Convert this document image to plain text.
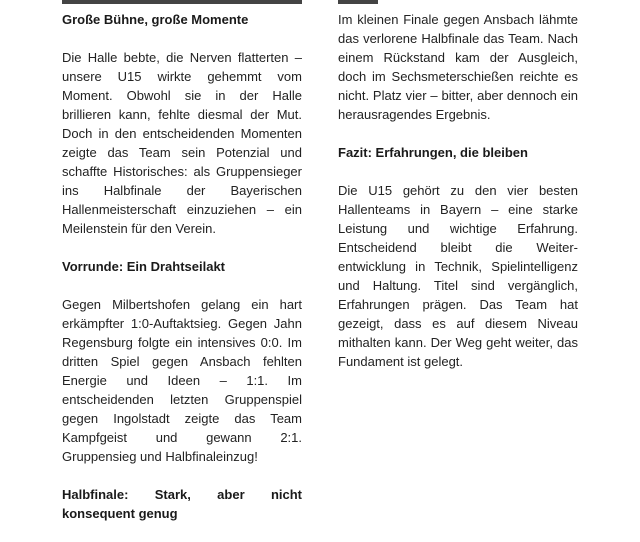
Große Bühne, große Momente

Die Halle bebte, die Nerven flatterten – unsere U15 wirkte gehemmt vom Moment. Obwohl sie in der Halle brillieren kann, fehlte diesmal der Mut. Doch in den entscheidenden Momenten zeigte das Team sein Potenzial und schaffte Historisches: als Gruppensieger ins Halbfinale der Bayerischen Hallenmeisterschaft einzuziehen – ein Meilenstein für den Verein.

Vorrunde: Ein Drahtseilakt

Gegen Milbertshofen gelang ein hart erkämpfter 1:0-Auftaktsieg. Gegen Jahn Regensburg folgte ein intensives 0:0. Im dritten Spiel gegen Ansbach fehlten Energie und Ideen – 1:1. Im entscheidenden letzten Gruppenspiel gegen Ingolstadt zeigte das Team Kampfgeist und gewann 2:1. Gruppensieg und Halbfinaleinzug!

Halbfinale: Stark, aber nicht konsequent genug

Im kleinen Finale gegen Ansbach lähmte das verlorene Halbfinale das Team. Nach einem Rückstand kam der Ausgleich, doch im Sechsmeterschießen reichte es nicht. Platz vier – bitter, aber dennoch ein herausragendes Ergebnis.

Fazit: Erfahrungen, die bleiben

Die U15 gehört zu den vier besten Hallenteams in Bayern – eine starke Leistung und wichtige Erfahrung. Entscheidend bleibt die Weiterentwicklung in Technik, Spielintelligenz und Haltung. Titel sind vergänglich, Erfahrungen prägen. Das Team hat gezeigt, dass es auf diesem Niveau mithalten kann. Der Weg geht weiter, das Fundament ist gelegt.
